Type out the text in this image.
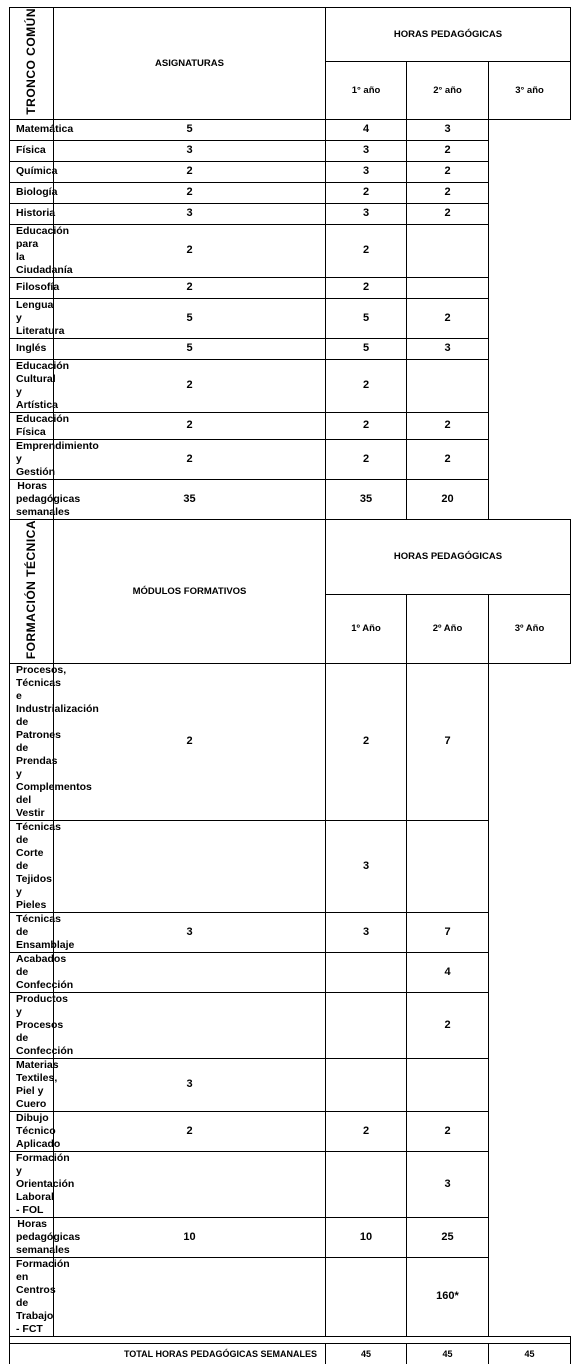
TRONCO COMÚN	ASIGNATURAS	HORAS PEDAGÓGICAS		
		1° año	2° año	3° año
Matemática	5	4	3	
Física	3	3	2	
Química	2	3	2	
Biología	2	2	2	
Historia	3	3	2	
Educación para la Ciudadanía	2	2		
Filosofía	2	2		
Lengua y Literatura	5	5	2	
Inglés	5	5	3	
Educación Cultural y Artística	2	2		
Educación Física	2	2	2	
Emprendimiento y Gestión	2	2	2	
Horas pedagógicas semanales	35	35	20	
FORMACIÓN TÉCNICA	MÓDULOS FORMATIVOS	HORAS PEDAGÓGICAS		
		1º Año	2º Año	3º Año
Procesos, Técnicas e Industrialización de Patrones de Prendas y Complementos del Vestir	2	2	7	
Técnicas de Corte de Tejidos y Pieles		3		
Técnicas de Ensamblaje	3	3	7	
Acabados de Confección			4	
Productos y Procesos de Confección			2	
Materias Textiles, Piel y Cuero	3			
Dibujo Técnico Aplicado	2	2	2	
Formación y Orientación Laboral - FOL			3	
Horas pedagógicas semanales	10	10	25	
Formación en Centros de Trabajo - FCT			160*	

TOTAL HORAS PEDAGÓGICAS SEMANALES		45	45	45
